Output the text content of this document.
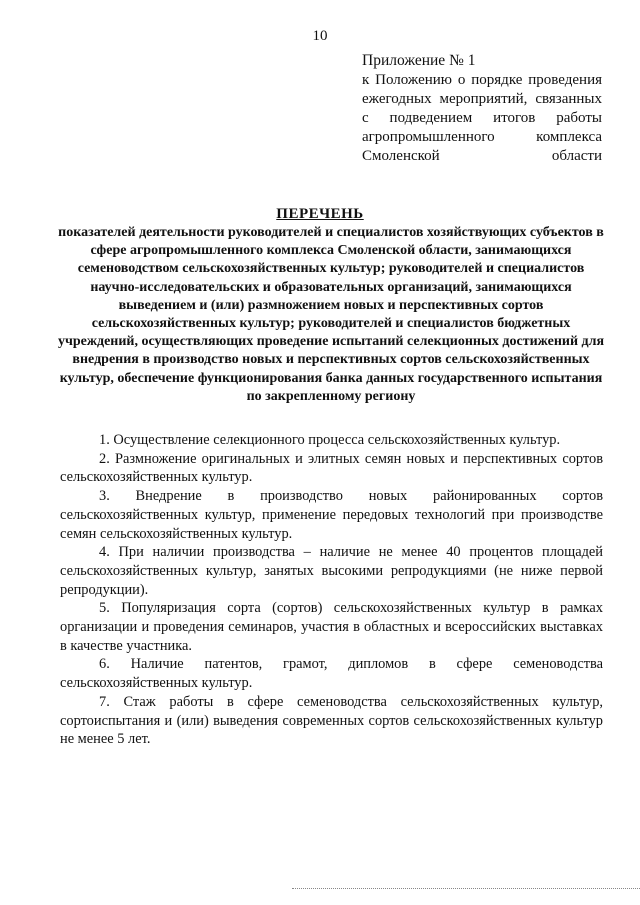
10

Приложение № 1

к Положению о порядке проведения ежегодных мероприятий, связанных с подведением итогов работы агропромышленного комплекса Смоленской области

ПЕРЕЧЕНЬ
показателей деятельности руководителей и специалистов хозяйствующих субъектов в сфере агропромышленного комплекса Смоленской области, занимающихся семеноводством сельскохозяйственных культур; руководителей и специалистов научно-исследовательских и образовательных организаций, занимающихся выведением и (или) размножением новых и перспективных сортов сельскохозяйственных культур; руководителей и специалистов бюджетных учреждений, осуществляющих проведение испытаний селекционных достижений для внедрения в производство новых и перспективных сортов сельскохозяйственных культур, обеспечение функционирования банка данных государственного испытания по закрепленному региону

1. Осуществление селекционного процесса сельскохозяйственных культур.

2. Размножение оригинальных и элитных семян новых и перспективных сортов сельскохозяйственных культур.

3. Внедрение в производство новых районированных сортов сельскохозяйственных культур, применение передовых технологий при производстве семян сельскохозяйственных культур.

4. При наличии производства – наличие не менее 40 процентов площадей сельскохозяйственных культур, занятых высокими репродукциями (не ниже первой репродукции).

5. Популяризация сорта (сортов) сельскохозяйственных культур в рамках организации и проведения семинаров, участия в областных и всероссийских выставках в качестве участника.

6. Наличие патентов, грамот, дипломов в сфере семеноводства сельскохозяйственных культур.

7. Стаж работы в сфере семеноводства сельскохозяйственных культур, сортоиспытания и (или) выведения современных сортов сельскохозяйственных культур не менее 5 лет.
